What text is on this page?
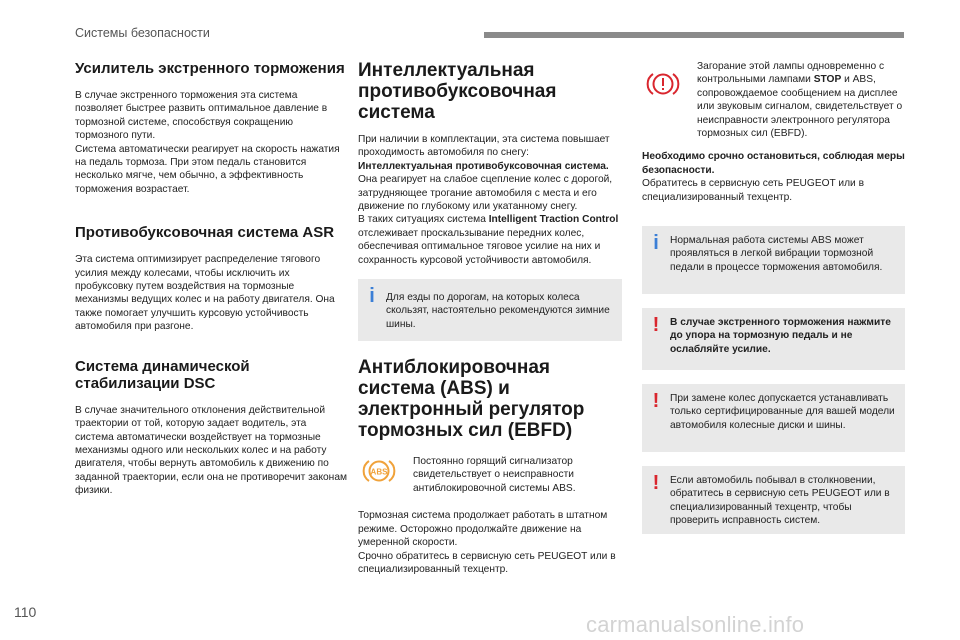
Системы безопасности
Усилитель экстренного торможения
В случае экстренного торможения эта система позволяет быстрее развить оптимальное давление в тормозной системе, способствуя сокращению тормозного пути.
Система автоматически реагирует на скорость нажатия на педаль тормоза. При этом педаль становится несколько мягче, чем обычно, а эффективность торможения возрастает.
Противобуксовочная система ASR
Эта система оптимизирует распределение тягового усилия между колесами, чтобы исключить их пробуксовку путем воздействия на тормозные механизмы ведущих колес и на работу двигателя. Она также помогает улучшить курсовую устойчивость автомобиля при разгоне.
Система динамической стабилизации DSC
В случае значительного отклонения действительной траектории от той, которую задает водитель, эта система автоматически воздействует на тормозные механизмы одного или нескольких колес и на работу двигателя, чтобы вернуть автомобиль к движению по заданной траектории, если она не противоречит законам физики.
Интеллектуальная противобуксовочная система
При наличии в комплектации, эта система повышает проходимость автомобиля по снегу:
Интеллектуальная противобуксовочная система.
Она реагирует на слабое сцепление колес с дорогой, затрудняющее трогание автомобиля с места и его движение по глубокому или укатанному снегу.
В таких ситуациях система Intelligent Traction Control отслеживает проскальзывание передних колес, обеспечивая оптимальное тяговое усилие на них и сохранность курсовой устойчивости автомобиля.
i	Для езды по дорогам, на которых колеса скользят, настоятельно рекомендуются зимние шины.
Антиблокировочная система (ABS) и электронный регулятор тормозных сил (EBFD)
ABS
Постоянно горящий сигнализатор свидетельствует о неисправности антиблокировочной системы ABS.
Тормозная система продолжает работать в штатном режиме. Осторожно продолжайте движение на умеренной скорости.
Срочно обратитесь в сервисную сеть PEUGEOT или в специализированный техцентр.
Загорание этой лампы одновременно с контрольными лампами STOP и ABS, сопровождаемое сообщением на дисплее или звуковым сигналом, свидетельствует о неисправности электронного регулятора тормозных сил (EBFD).
Необходимо срочно остановиться, соблюдая меры безопасности.
Обратитесь в сервисную сеть PEUGEOT или в специализированный техцентр.
i	Нормальная работа системы ABS может проявляться в легкой вибрации тормозной педали в процессе торможения автомобиля.
! В случае экстренного торможения нажмите до упора на тормозную педаль и не ослабляйте усилие.
! При замене колес допускается устанавливать только сертифицированные для вашей модели автомобиля колесные диски и шины.
! Если автомобиль побывал в столкновении, обратитесь в сервисную сеть PEUGEOT или в специализированный техцентр, чтобы проверить исправность систем.
110	carmanualsonline.info
